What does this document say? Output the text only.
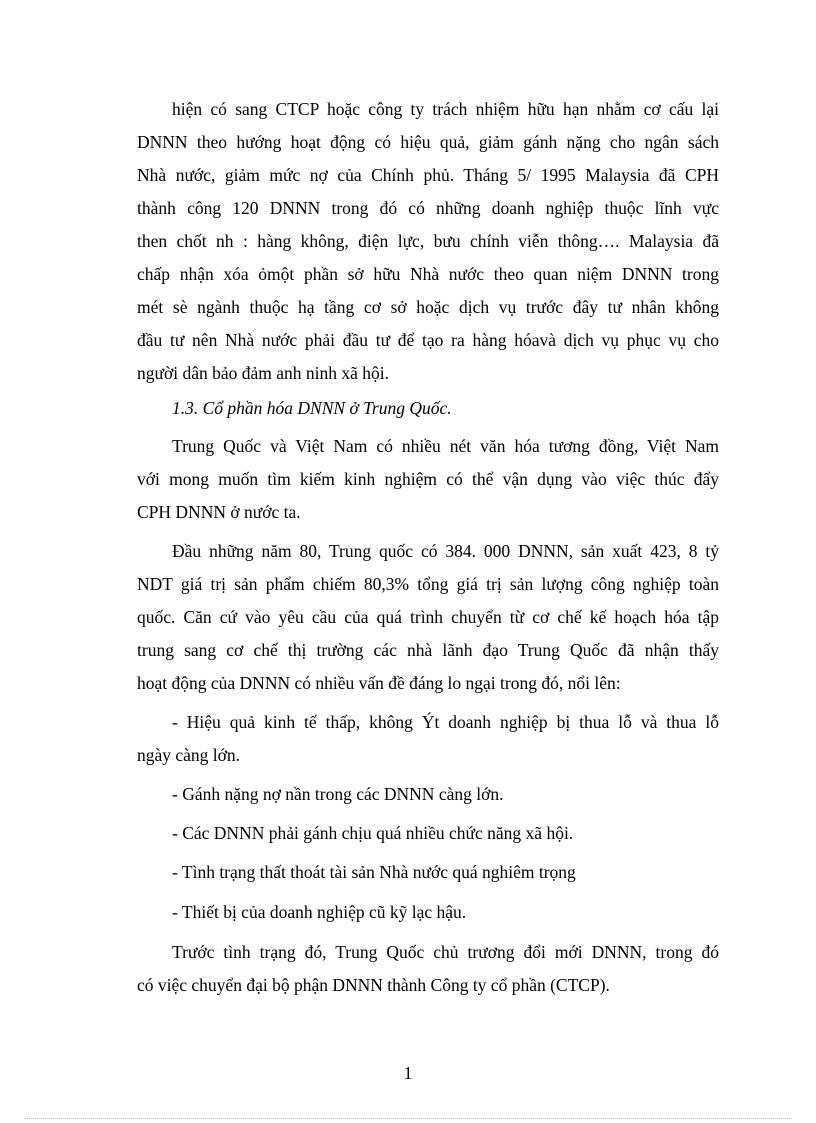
hiện có sang CTCP hoặc công ty trách nhiệm hữu hạn nhằm cơ cấu lại

DNNN theo hướng hoạt động có hiệu quả, giảm gánh nặng cho ngân sách

Nhà nước, giảm mức nợ của Chính phủ. Tháng 5/ 1995 Malaysia đã CPH

thành công 120 DNNN trong đó có những doanh nghiệp thuộc lĩnh vực

then chốt nh : hàng không, điện lực, bưu chính viễn thông…. Malaysia đã

chấp nhận xóa ỏmột phần sở hữu Nhà nước theo quan niệm DNNN trong

mét sè ngành thuộc hạ tầng cơ sở hoặc dịch vụ trước đây tư nhân không

đầu tư nên Nhà nước phải đầu tư để tạo ra hàng hóavà dịch vụ phục vụ cho

người dân bảo đảm anh ninh xã hội.

1.3. Cổ phần hóa DNNN ở Trung Quốc.

Trung Quốc và Việt Nam có nhiều nét văn hóa tương đồng, Việt Nam

với mong muốn tìm kiếm kinh nghiệm có thể vận dụng vào việc thúc đẩy

CPH DNNN ở nước ta.

Đầu những năm 80, Trung quốc có 384. 000 DNNN, sản xuất 423, 8 tỷ

NDT giá trị sản phẩm chiếm 80,3% tổng giá trị sản lượng công nghiệp toàn

quốc. Căn cứ vào yêu cầu của quá trình chuyển từ cơ chế kế hoạch hóa tập

trung sang cơ chế thị trường các nhà lãnh đạo Trung Quốc đã nhận thấy

hoạt động của DNNN có nhiều vấn đề đáng lo ngại trong đó, nổi lên:

- Hiệu quả kinh tế thấp, không Ýt doanh nghiệp bị thua lỗ và thua lỗ

ngày càng lớn.

- Gánh nặng nợ nần trong các DNNN càng lớn.

- Các DNNN phải gánh chịu quá nhiều chức năng xã hội.

- Tình trạng thất thoát tài sản Nhà nước quá nghiêm trọng

- Thiết bị của doanh nghiệp cũ kỹ lạc hậu.

Trước tình trạng đó, Trung Quốc chủ trương đổi mới DNNN, trong đó

có việc chuyển đại bộ phận DNNN thành Công ty cổ phần (CTCP).

1
